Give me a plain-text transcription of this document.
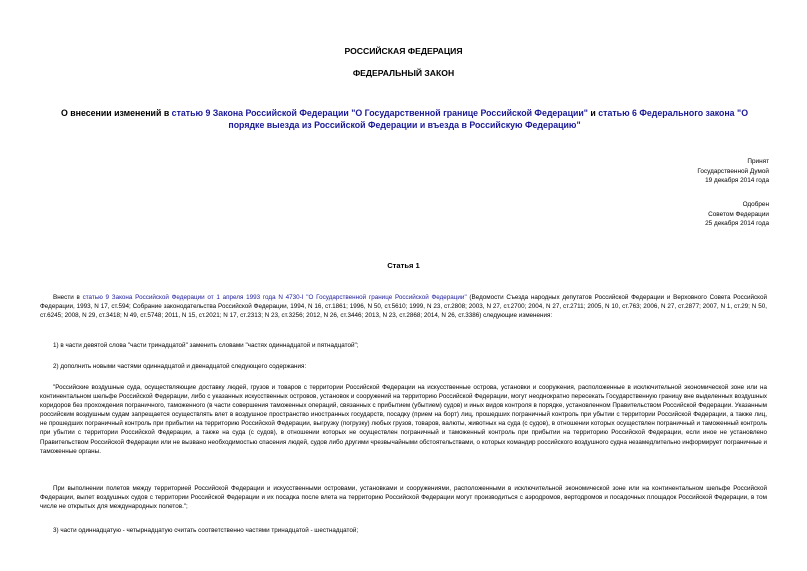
РОССИЙСКАЯ ФЕДЕРАЦИЯ
ФЕДЕРАЛЬНЫЙ ЗАКОН
О внесении изменений в статью 9 Закона Российской Федерации "О Государственной границе Российской Федерации" и статью 6 Федерального закона "О порядке выезда из Российской Федерации и въезда в Российскую Федерацию"
Принят
Государственной Думой
19 декабря 2014 года
Одобрен
Советом Федерации
25 декабря 2014 года
Статья 1
Внести в статью 9 Закона Российской Федерации от 1 апреля 1993 года N 4730-I "О Государственной границе Российской Федерации" (Ведомости Съезда народных депутатов Российской Федерации и Верховного Совета Российской Федерации, 1993, N 17, ст.594; Собрание законодательства Российской Федерации, 1994, N 16, ст.1861; 1996, N 50, ст.5610; 1999, N 23, ст.2808; 2003, N 27, ст.2700; 2004, N 27, ст.2711; 2005, N 10, ст.763; 2006, N 27, ст.2877; 2007, N 1, ст.29; N 50, ст.6245; 2008, N 29, ст.3418; N 49, ст.5748; 2011, N 15, ст.2021; N 17, ст.2313; N 23, ст.3256; 2012, N 26, ст.3446; 2013, N 23, ст.2868; 2014, N 26, ст.3386) следующие изменения:
1) в части девятой слова "части тринадцатой" заменить словами "частях одиннадцатой и пятнадцатой";
2) дополнить новыми частями одиннадцатой и двенадцатой следующего содержания:
"Российские воздушные суда, осуществляющие доставку людей, грузов и товаров с территории Российской Федерации на искусственные острова, установки и сооружения, расположенные в исключительной экономической зоне или на континентальном шельфе Российской Федерации, либо с указанных искусственных островов, установок и сооружений на территорию Российской Федерации, могут неоднократно пересекать Государственную границу вне выделенных воздушных коридоров без прохождения пограничного, таможенного (в части совершения таможенных операций, связанных с прибытием (убытием) судов) и иных видов контроля в порядке, установленном Правительством Российской Федерации. Указанным российским воздушным судам запрещается осуществлять влет в воздушное пространство иностранных государств, посадку (прием на борт) лиц, прошедших пограничный контроль при убытии с территории Российской Федерации, а также лиц, не прошедших пограничный контроль при прибытии на территорию Российской Федерации, выгрузку (погрузку) любых грузов, товаров, валюты, животных на суда (с судов), в отношении которых осуществлен пограничный и таможенный контроль при убытии с территории Российской Федерации, а также на суда (с судов), в отношении которых не осуществлен пограничный и таможенный контроль при прибытии на территорию Российской Федерации, если иное не установлено Правительством Российской Федерации или не вызвано необходимостью спасения людей, судов либо другими чрезвычайными обстоятельствами, о которых командир российского воздушного судна незамедлительно информирует пограничные и таможенные органы.
При выполнении полетов между территорией Российской Федерации и искусственными островами, установками и сооружениями, расположенными в исключительной экономической зоне или на континентальном шельфе Российской Федерации, вылет воздушных судов с территории Российской Федерации и их посадка после влета на территорию Российской Федерации могут производиться с аэродромов, вертодромов и посадочных площадок Российской Федерации, в том числе не открытых для международных полетов.";
3) части одиннадцатую - четырнадцатую считать соответственно частями тринадцатой - шестнадцатой;
